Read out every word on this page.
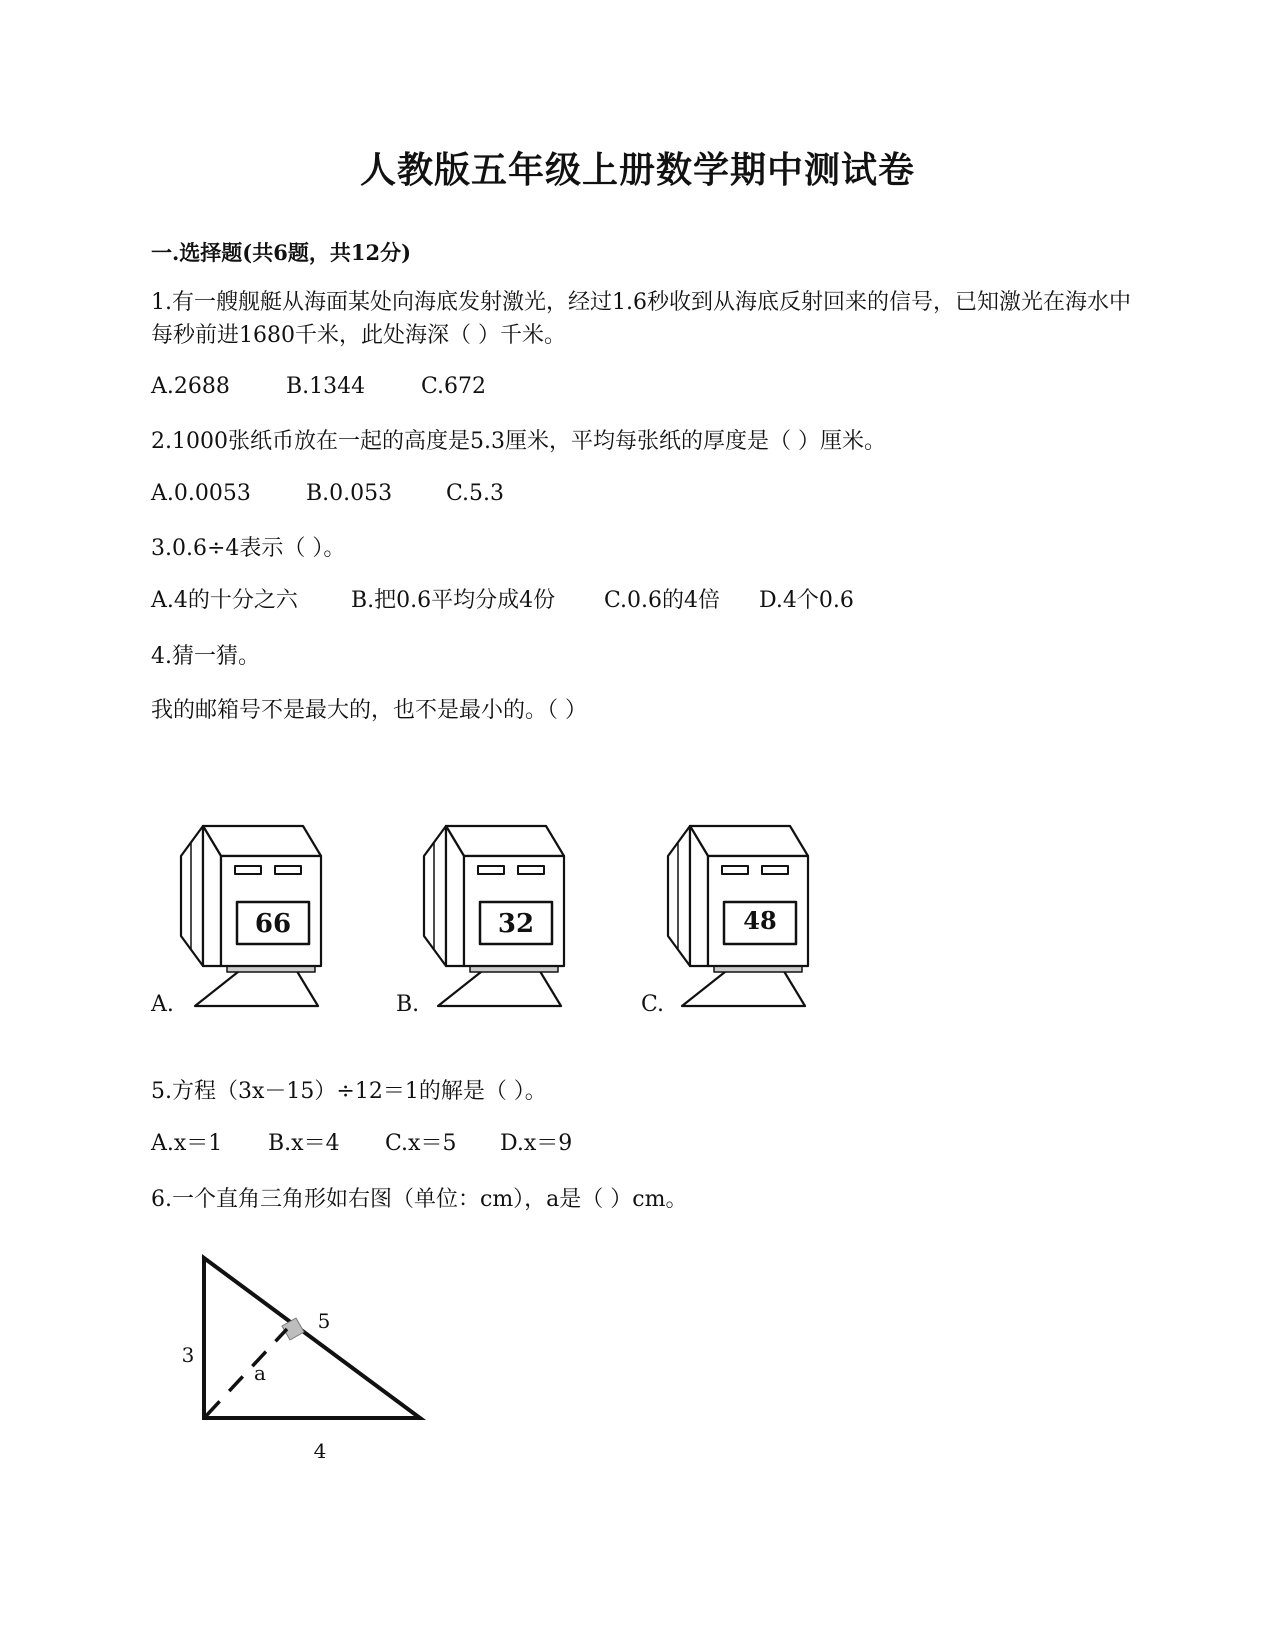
人教版五年级上册数学期中测试卷
一.选择题(共6题，共12分)
1.有一艘舰艇从海面某处向海底发射激光，经过1.6秒收到从海底反射回来的信号，已知激光在海水中每秒前进1680千米，此处海深（ ）千米。
A.2688	B.1344	C.672
2.1000张纸币放在一起的高度是5.3厘米，平均每张纸的厚度是（ ）厘米。
A.0.0053	B.0.053 C.5.3
3.0.6÷4表示（ ）。
A.4的十分之六 B.把0.6平均分成4份 C.0.6的4倍 D.4个0.6
4.猜一猜。
我的邮箱号不是最大的，也不是最小的。（ ）
A.
66
B.
32
C.
48
5.方程（3x－15）÷12＝1的解是（ ）。
A.x＝1 B.x＝4 C.x＝5 D.x＝9
6.一个直角三角形如右图（单位：cm），a是（ ）cm。
3
4
5
a
